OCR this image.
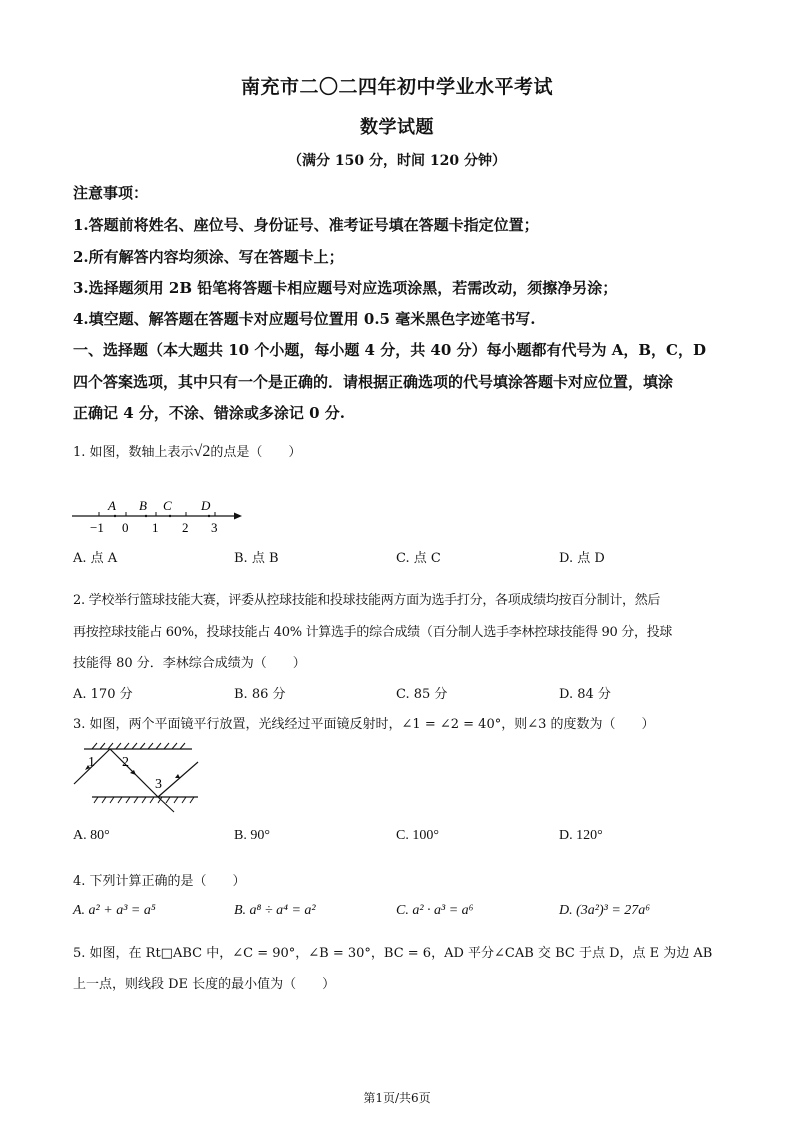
南充市二〇二四年初中学业水平考试
数学试题
（满分 150 分，时间 120 分钟）
注意事项：
1.答题前将姓名、座位号、身份证号、准考证号填在答题卡指定位置；
2.所有解答内容均须涂、写在答题卡上；
3.选择题须用 2B 铅笔将答题卡相应题号对应选项涂黑，若需改动，须擦净另涂；
4.填空题、解答题在答题卡对应题号位置用 0.5 毫米黑色字迹笔书写.
一、选择题（本大题共 10 个小题，每小题 4 分，共 40 分）每小题都有代号为 A，B，C，D
四个答案选项，其中只有一个是正确的．请根据正确选项的代号填涂答题卡对应位置，填涂
正确记 4 分，不涂、错涂或多涂记 0 分.
1. 如图，数轴上表示√2的点是（　　）
A B C D
−1 0 1 2 3
A. 点 A	B. 点 B	C. 点 C	D. 点 D
2. 学校举行篮球技能大赛，评委从控球技能和投球技能两方面为选手打分，各项成绩均按百分制计，然后
再按控球技能占 60%，投球技能占 40% 计算选手的综合成绩（百分制人选手李林控球技能得 90 分，投球
技能得 80 分．李林综合成绩为（　　）
A. 170 分	B. 86 分	C. 85 分	D. 84 分
3. 如图，两个平面镜平行放置，光线经过平面镜反射时，∠1 = ∠2 = 40°，则∠3 的度数为（　　）
1 2
3
A. 80°	B. 90°	C. 100°	D. 120°
4. 下列计算正确的是（　　）
A. a² + a³ = a⁵	B. a⁸ ÷ a⁴ = a²	C. a² · a³ = a⁶	D. (3a²)³ = 27a⁶
5. 如图，在 Rt□ABC 中，∠C = 90°，∠B = 30°，BC = 6，AD 平分∠CAB 交 BC 于点 D，点 E 为边 AB
上一点，则线段 DE 长度的最小值为（　　）
第1页/共6页
